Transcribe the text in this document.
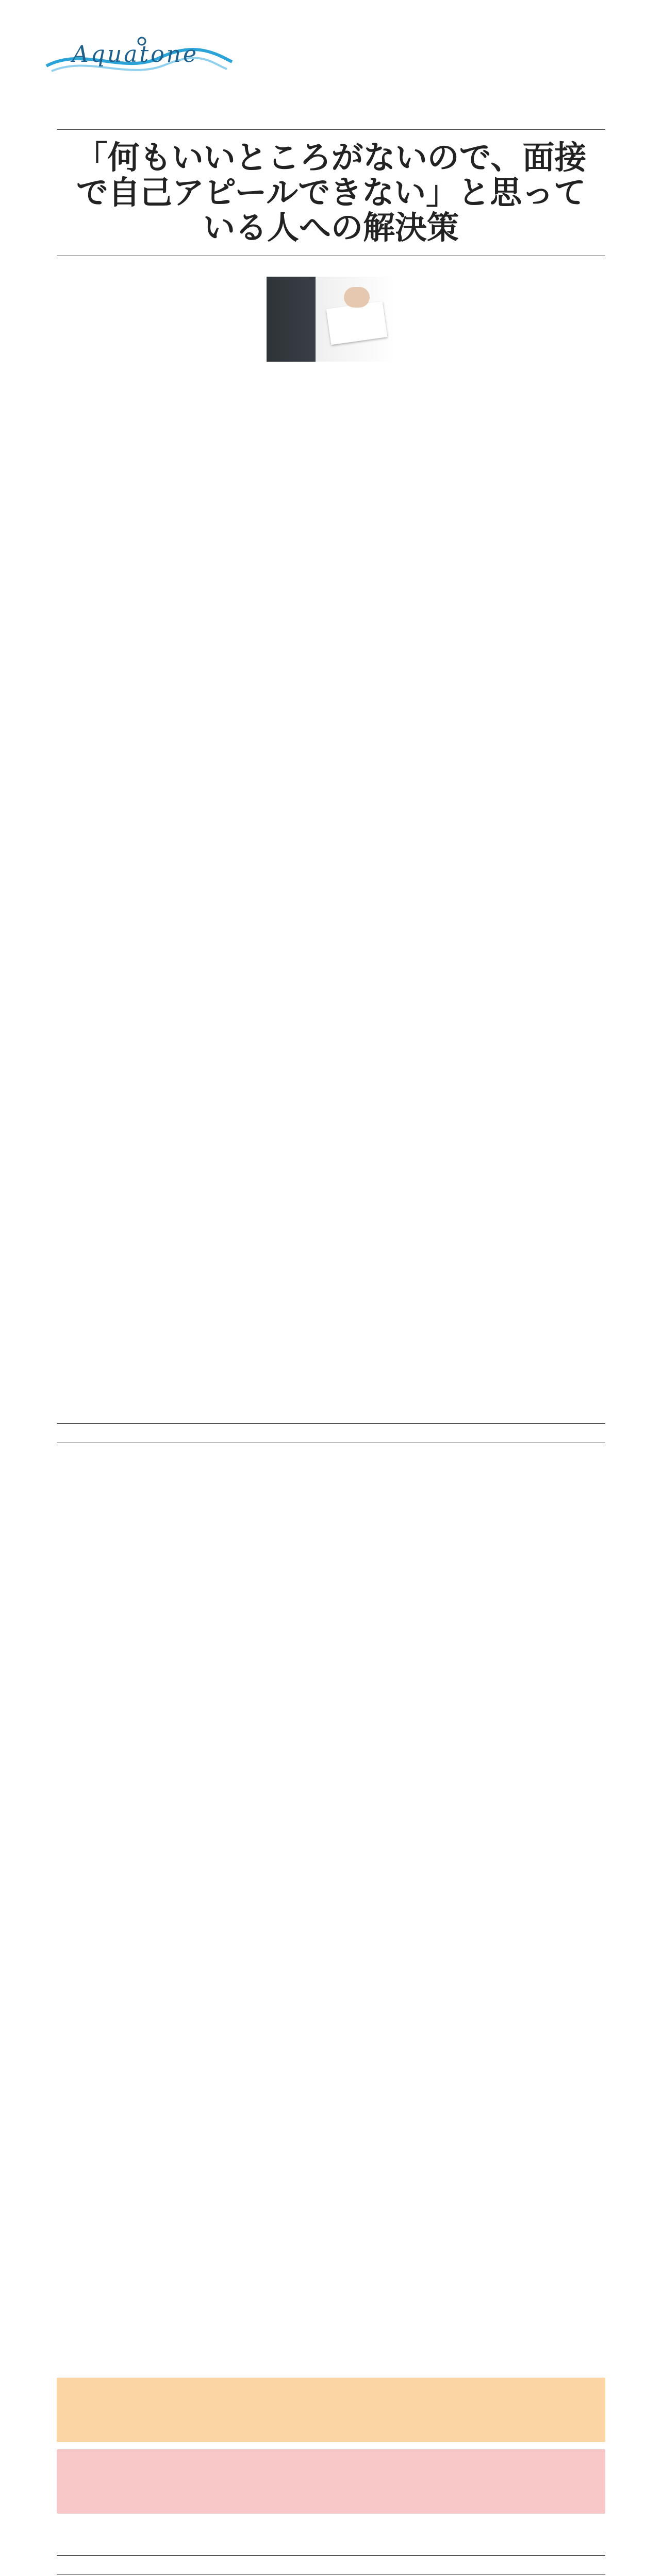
Aquatone
「何もいいところがないので、面接で自己アピールできない」と思っている人への解決策
